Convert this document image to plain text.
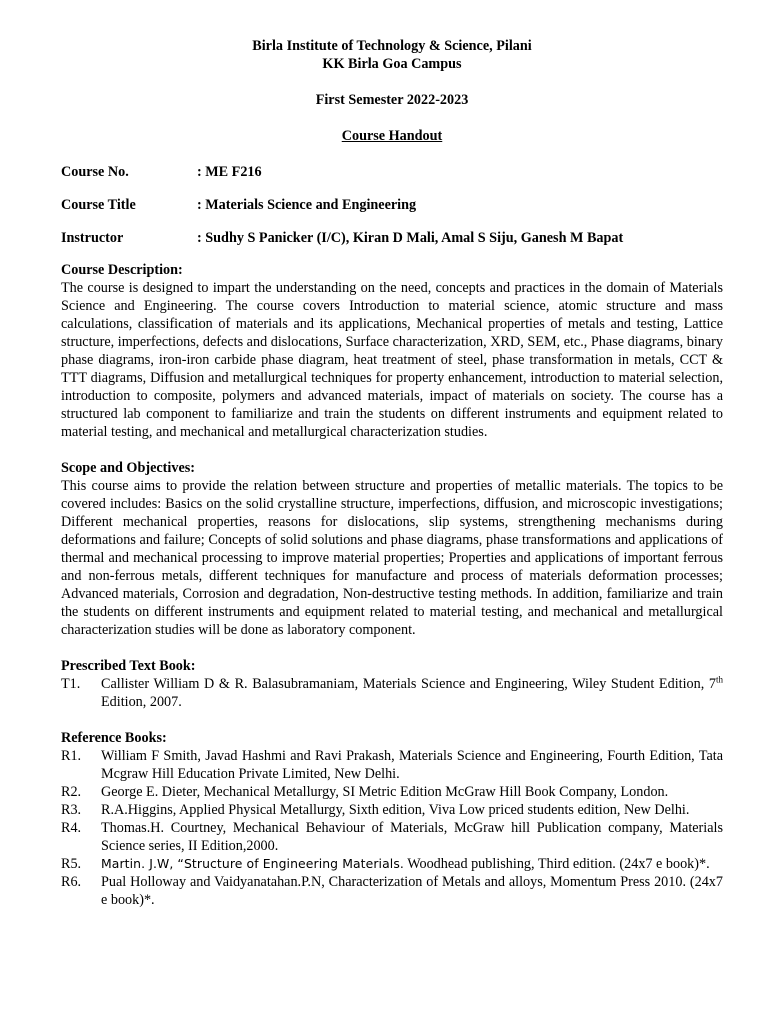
Birla Institute of Technology & Science, Pilani

KK Birla Goa Campus

First Semester 2022-2023

Course Handout

Course No.	: ME F216
Course Title	: Materials Science and Engineering
Instructor	: Sudhy S Panicker (I/C), Kiran D Mali, Amal S Siju, Ganesh M Bapat

Course Description:

The course is designed to impart the understanding on the need, concepts and practices in the domain of Materials Science and Engineering. The course covers Introduction to material science, atomic structure and mass calculations, classification of materials and its applications, Mechanical properties of metals and testing, Lattice structure, imperfections, defects and dislocations, Surface characterization, XRD, SEM, etc., Phase diagrams, binary phase diagrams, iron-iron carbide phase diagram, heat treatment of steel, phase transformation in metals, CCT & TTT diagrams, Diffusion and metallurgical techniques for property enhancement, introduction to material selection, introduction to composite, polymers and advanced materials, impact of materials on society. The course has a structured lab component to familiarize and train the students on different instruments and equipment related to material testing, and mechanical and metallurgical characterization studies.

Scope and Objectives:

This course aims to provide the relation between structure and properties of metallic materials. The topics to be covered includes: Basics on the solid crystalline structure, imperfections, diffusion, and microscopic investigations; Different mechanical properties, reasons for dislocations, slip systems, strengthening mechanisms during deformations and failure; Concepts of solid solutions and phase diagrams, phase transformations and applications of thermal and mechanical processing to improve material properties; Properties and applications of important ferrous and non-ferrous metals, different techniques for manufacture and process of materials deformation processes; Advanced materials, Corrosion and degradation, Non-destructive testing methods. In addition, familiarize and train the students on different instruments and equipment related to material testing, and mechanical and metallurgical characterization studies will be done as laboratory component.

Prescribed Text Book:

T1.	Callister William D & R. Balasubramaniam, Materials Science and Engineering, Wiley Student Edition, 7th Edition, 2007.

Reference Books:

R1.	William F Smith, Javad Hashmi and Ravi Prakash, Materials Science and Engineering, Fourth Edition, Tata Mcgraw Hill Education Private Limited, New Delhi.
R2.	George E. Dieter, Mechanical Metallurgy, SI Metric Edition McGraw Hill Book Company, London.
R3.	R.A.Higgins, Applied Physical Metallurgy, Sixth edition, Viva Low priced students edition, New Delhi.
R4.	Thomas.H. Courtney, Mechanical Behaviour of Materials, McGraw hill Publication company, Materials Science series, II Edition,2000.
R5.	Martin. J.W, “Structure of Engineering Materials. Woodhead publishing, Third edition. (24x7 e book)*.
R6.	Pual Holloway and Vaidyanatahan.P.N, Characterization of Metals and alloys, Momentum Press 2010. (24x7 e book)*.
